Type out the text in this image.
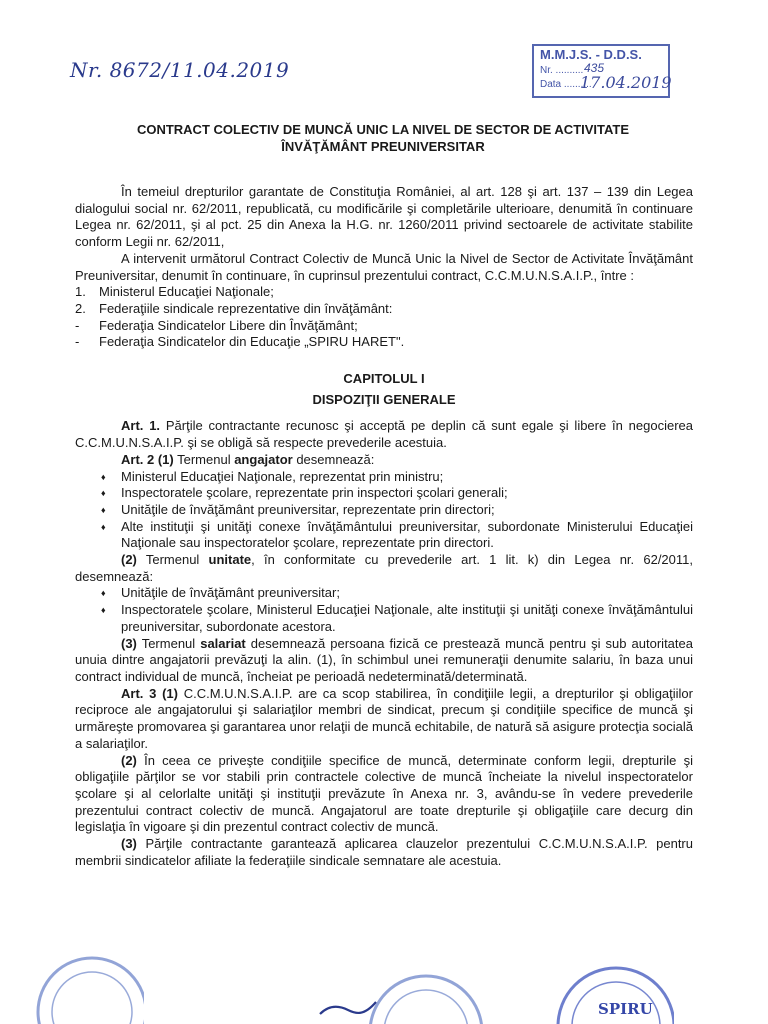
Nr. 8672/11.04.2019
M.M.J.S. - D.D.S.
Nr. ..........
Data ..........
435
17.04.2019
CONTRACT COLECTIV DE MUNCĂ UNIC LA NIVEL DE SECTOR DE ACTIVITATE
ÎNVĂŢĂMÂNT PREUNIVERSITAR

În temeiul drepturilor garantate de Constituţia României, al art. 128 şi art. 137 – 139 din Legea dialogului social nr. 62/2011, republicată, cu modificările şi completările ulterioare, denumită în continuare Legea nr. 62/2011, şi al pct. 25 din Anexa la H.G. nr. 1260/2011 privind sectoarele de activitate stabilite conform Legii nr. 62/2011,

A intervenit următorul Contract Colectiv de Muncă Unic la Nivel de Sector de Activitate Învăţământ Preuniversitar, denumit în continuare, în cuprinsul prezentului contract, C.C.M.U.N.S.A.I.P., între :

1.	Ministerul Educaţiei Naţionale;
2.	Federaţiile sindicale reprezentative din învăţământ:
-	Federaţia Sindicatelor Libere din Învăţământ;
-	Federaţia Sindicatelor din Educaţie „SPIRU HARET".

CAPITOLUL I

DISPOZIŢII GENERALE

Art. 1. Părţile contractante recunosc şi acceptă pe deplin că sunt egale şi libere în negocierea C.C.M.U.N.S.A.I.P. şi se obligă să respecte prevederile acestuia.

Art. 2 (1) Termenul angajator desemnează:

♦	Ministerul Educaţiei Naţionale, reprezentat prin ministru;
♦	Inspectoratele şcolare, reprezentate prin inspectori şcolari generali;
♦	Unităţile de învăţământ preuniversitar, reprezentate prin directori;
♦	Alte instituţii şi unităţi conexe învăţământului preuniversitar, subordonate Ministerului Educaţiei Naţionale sau inspectoratelor şcolare, reprezentate prin directori.

(2) Termenul unitate, în conformitate cu prevederile art. 1 lit. k) din Legea nr. 62/2011, desemnează:

♦	Unităţile de învăţământ preuniversitar;
♦	Inspectoratele şcolare, Ministerul Educaţiei Naţionale, alte instituţii şi unităţi conexe învăţământului preuniversitar, subordonate acestora.

(3) Termenul salariat desemnează persoana fizică ce prestează muncă pentru şi sub autoritatea unuia dintre angajatorii prevăzuţi la alin. (1), în schimbul unei remuneraţii denumite salariu, în baza unui contract individual de muncă, încheiat pe perioadă nedeterminată/determinată.

Art. 3 (1) C.C.M.U.N.S.A.I.P. are ca scop stabilirea, în condiţiile legii, a drepturilor şi obligaţiilor reciproce ale angajatorului şi salariaţilor membri de sindicat, precum şi condiţiile specifice de muncă şi urmăreşte promovarea şi garantarea unor relaţii de muncă echitabile, de natură să asigure protecţia socială a salariaţilor.

(2) În ceea ce priveşte condiţiile specifice de muncă, determinate conform legii, drepturile şi obligaţiile părţilor se vor stabili prin contractele colective de muncă încheiate la nivelul inspectoratelor şcolare şi al celorlalte unităţi şi instituţii prevăzute în Anexa nr. 3, avându-se în vedere prevederile prezentului contract colectiv de muncă. Angajatorul are toate drepturile şi obligaţiile care decurg din legislaţia în vigoare şi din prezentul contract colectiv de muncă.

(3) Părţile contractante garantează aplicarea clauzelor prezentului C.C.M.U.N.S.A.I.P. pentru membrii sindicatelor afiliate la federaţiile sindicale semnatare ale acestuia.

SPIRU
